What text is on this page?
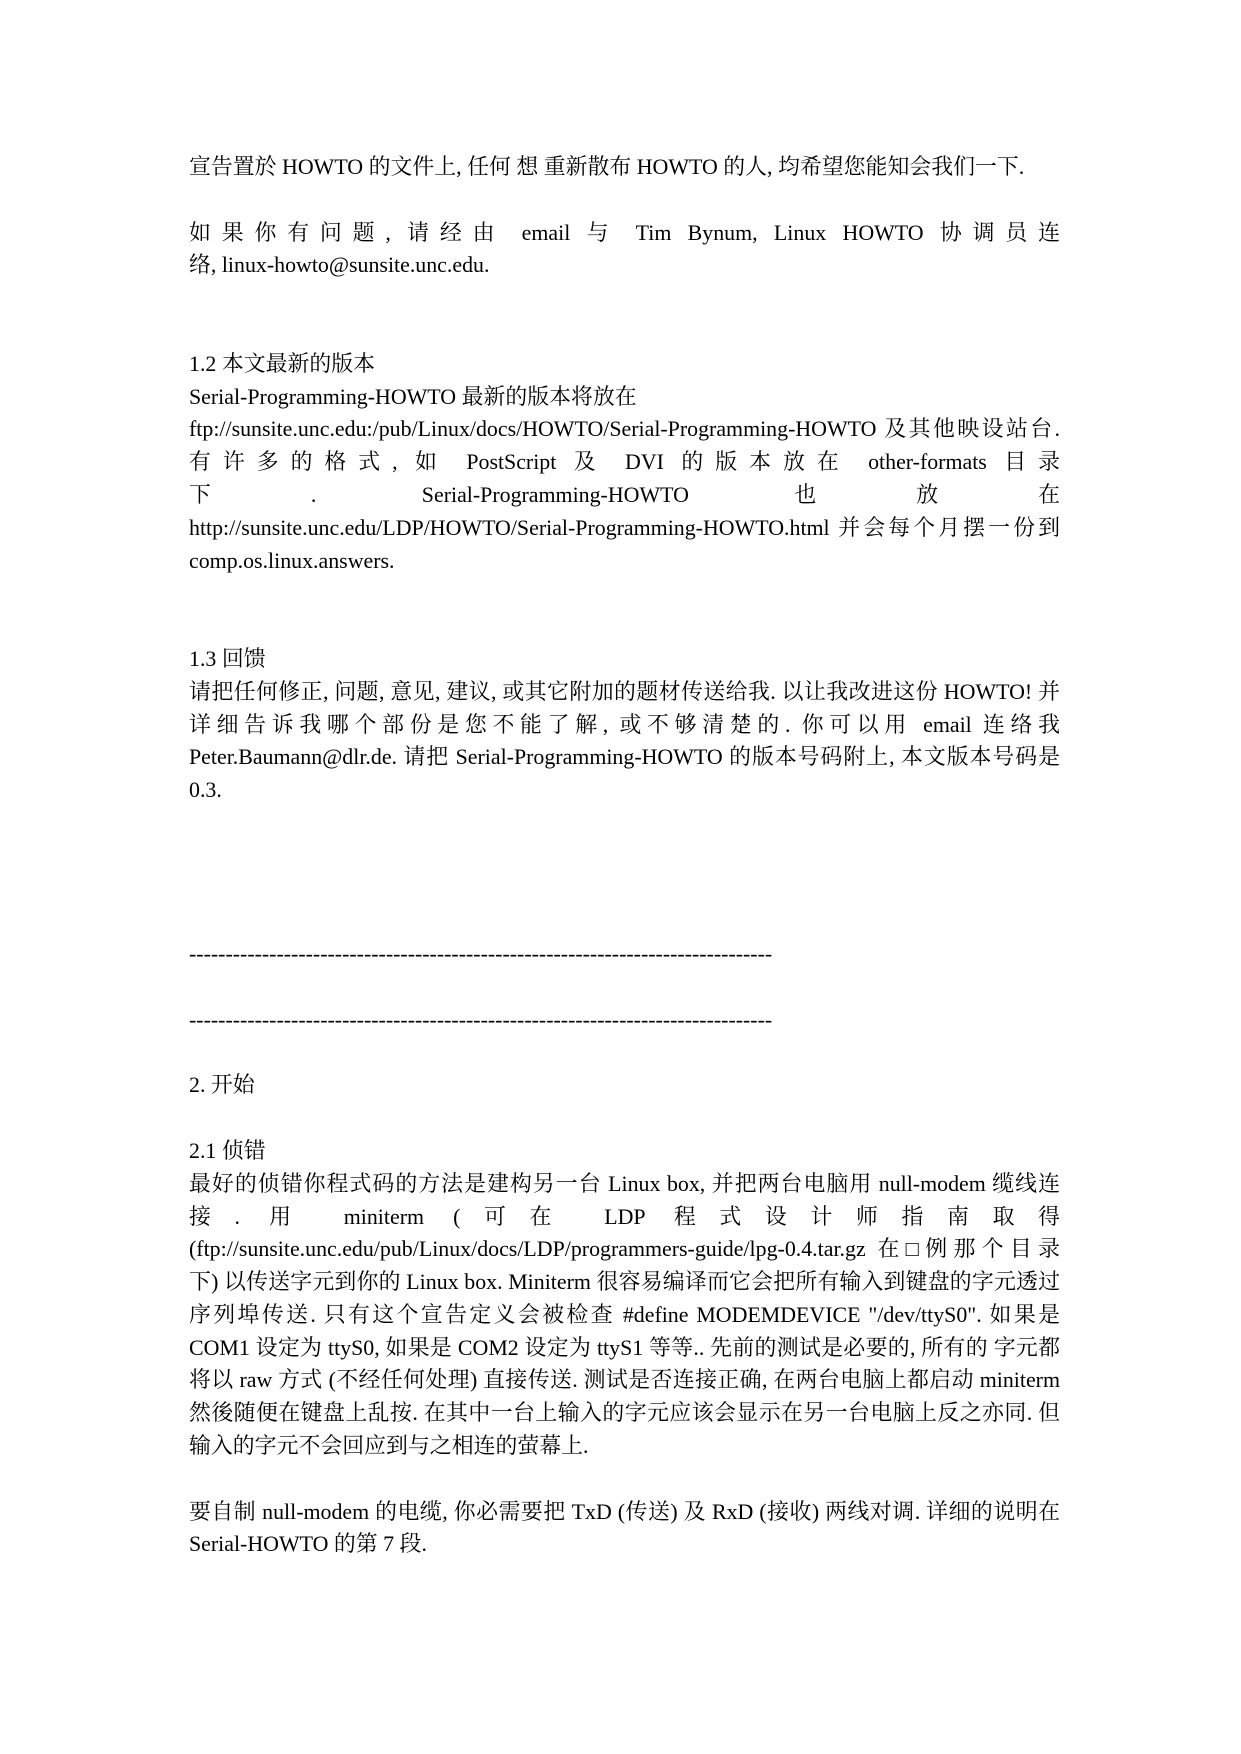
宣告置於 HOWTO 的文件上, 任何 想 重新散布 HOWTO 的人, 均希望您能知会我们一下.
如果你有问题, 请经由 email 与 Tim Bynum, Linux HOWTO 协调员连
络, linux-howto@sunsite.unc.edu.
1.2 本文最新的版本
Serial-Programming-HOWTO 最新的版本将放在
ftp://sunsite.unc.edu:/pub/Linux/docs/HOWTO/Serial-Programming-HOWTO 及其他映设站台.
有许多的格式, 如 PostScript 及 DVI 的版本放在 other-formats 目录
下. Serial-Programming-HOWTO 也放在
http://sunsite.unc.edu/LDP/HOWTO/Serial-Programming-HOWTO.html 并会每个月摆一份到
comp.os.linux.answers.
1.3 回馈
请把任何修正, 问题, 意见, 建议, 或其它附加的题材传送给我. 以让我改进这份 HOWTO! 并
详细告诉我哪个部份是您不能了解, 或不够清楚的. 你可以用 email 连络我
Peter.Baumann@dlr.de. 请把 Serial-Programming-HOWTO 的版本号码附上, 本文版本号码是
0.3.
--------------------------------------------------------------------------------
--------------------------------------------------------------------------------
2. 开始
2.1 侦错
最好的侦错你程式码的方法是建构另一台 Linux box, 并把两台电脑用 null-modem 缆线连
接. 用 miniterm (可在 LDP 程式设计师指南取得
(ftp://sunsite.unc.edu/pub/Linux/docs/LDP/programmers-guide/lpg-0.4.tar.gz 在□例那个目录
下) 以传送字元到你的 Linux box. Miniterm 很容易编译而它会把所有输入到键盘的字元透过
序列埠传送. 只有这个宣告定义会被检查 #define MODEMDEVICE "/dev/ttyS0". 如果是
COM1 设定为 ttyS0, 如果是 COM2 设定为 ttyS1 等等.. 先前的测试是必要的, 所有的 字元都
将以 raw 方式 (不经任何处理) 直接传送. 测试是否连接正确, 在两台电脑上都启动 miniterm
然後随便在键盘上乱按. 在其中一台上输入的字元应该会显示在另一台电脑上反之亦同. 但
输入的字元不会回应到与之相连的萤幕上.
要自制 null-modem 的电缆, 你必需要把 TxD (传送) 及 RxD (接收) 两线对调. 详细的说明在
Serial-HOWTO 的第 7 段.
